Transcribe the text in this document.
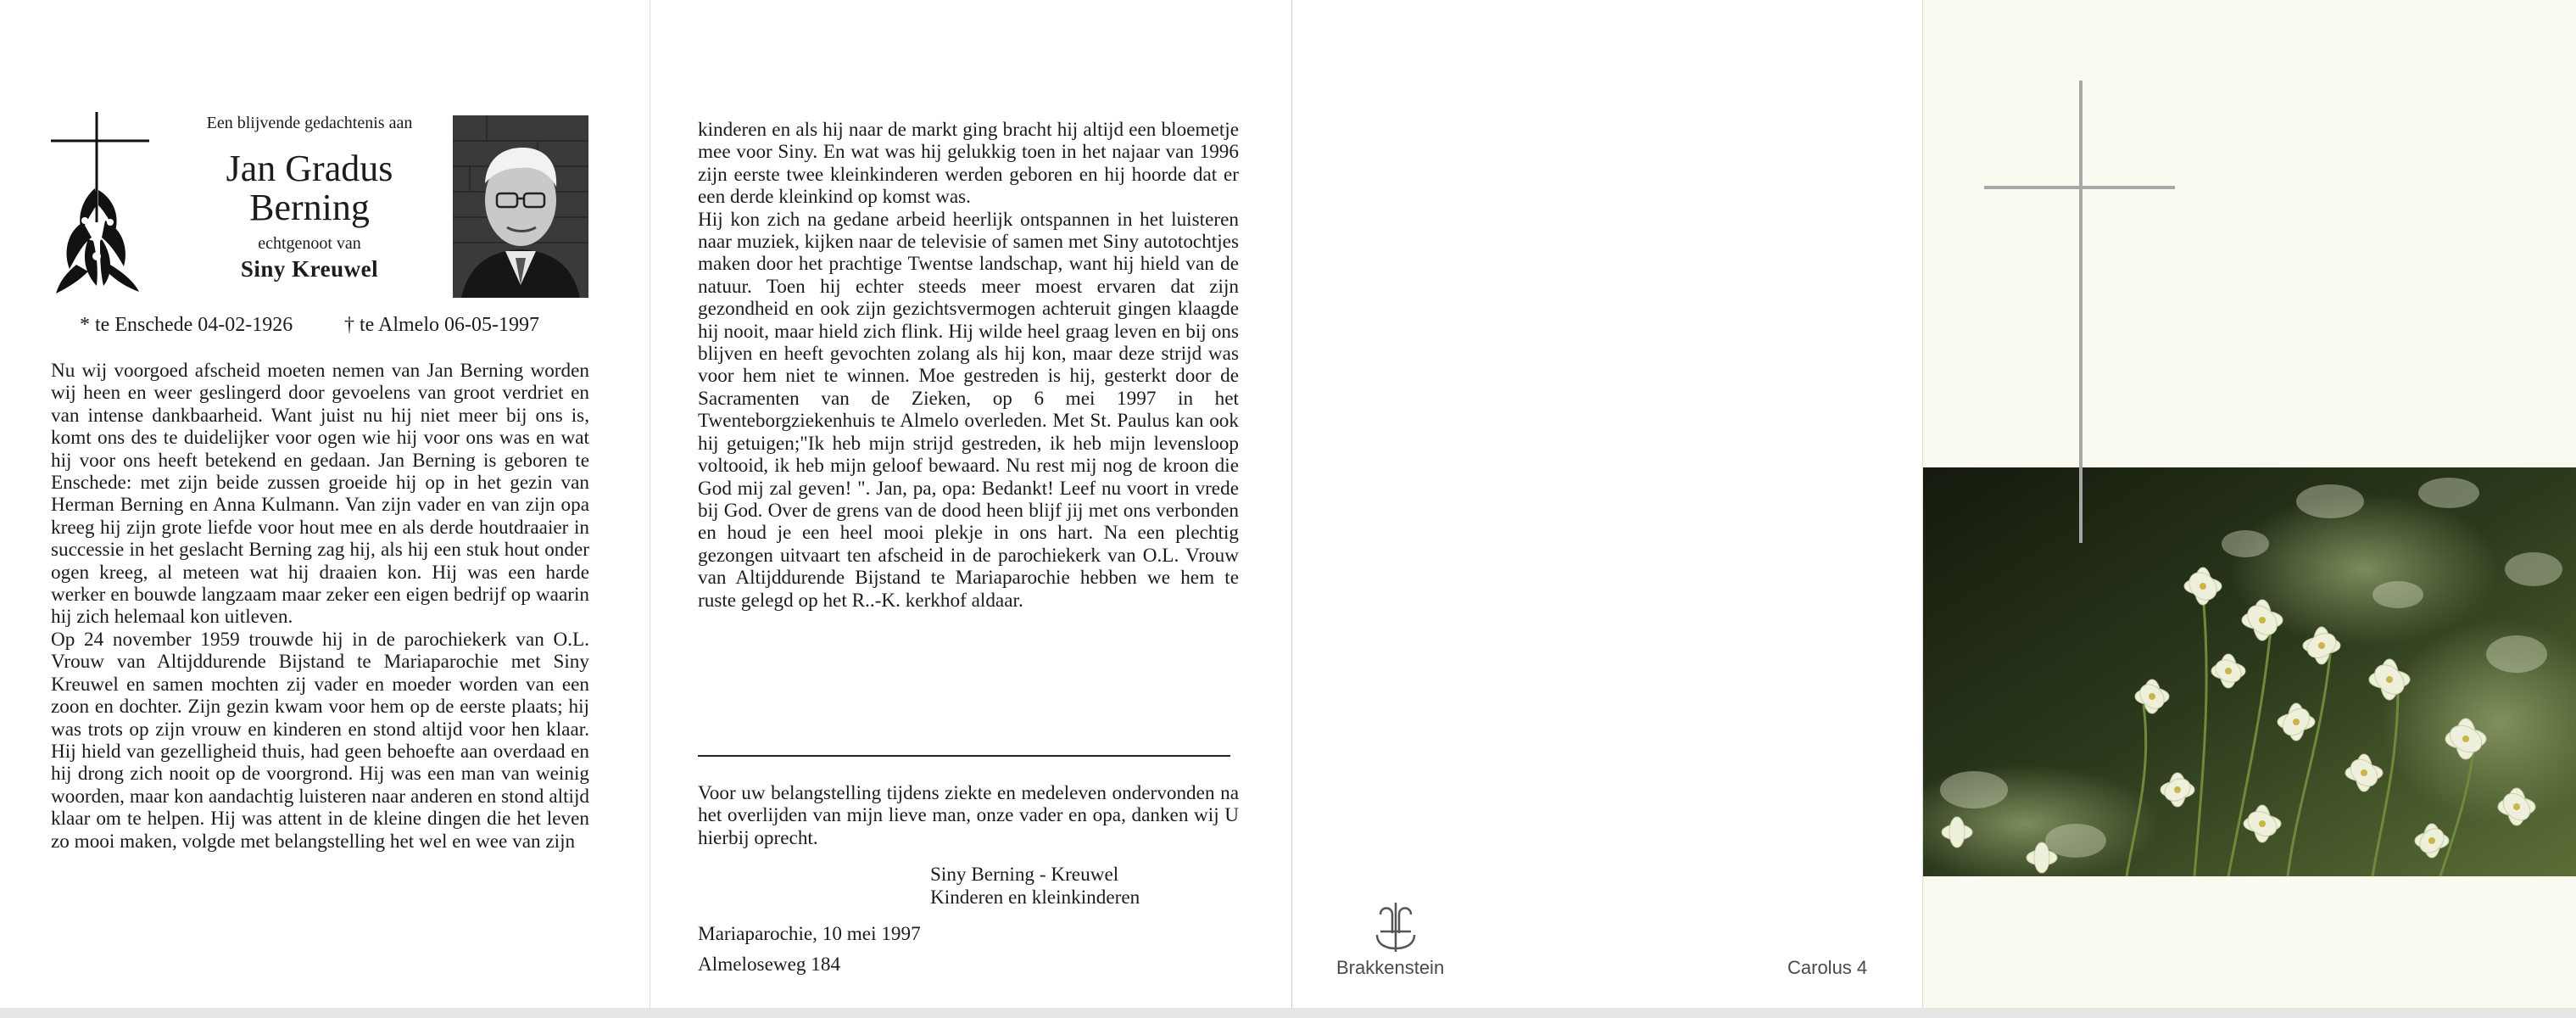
Een blijvende gedachtenis aan
Jan Gradus
Berning
echtgenoot van
Siny Kreuwel
* te Enschede 04-02-1926	† te Almelo 06-05-1997
Nu wij voorgoed afscheid moeten nemen van Jan Berning worden wij heen en weer geslingerd door gevoelens van groot verdriet en van intense dankbaarheid. Want juist nu hij niet meer bij ons is, komt ons des te duidelijker voor ogen wie hij voor ons was en wat hij voor ons heeft betekend en gedaan. Jan Berning is geboren te Enschede: met zijn beide zussen groeide hij op in het gezin van Herman Berning en Anna Kulmann. Van zijn vader en van zijn opa kreeg hij zijn grote liefde voor hout mee en als derde houtdraaier in successie in het geslacht Berning zag hij, als hij een stuk hout onder ogen kreeg, al meteen wat hij draaien kon. Hij was een harde werker en bouwde langzaam maar zeker een eigen bedrijf op waarin hij zich helemaal kon uitleven.
Op 24 november 1959 trouwde hij in de parochiekerk van O.L. Vrouw van Altijddurende Bijstand te Mariaparochie met Siny Kreuwel en samen mochten zij vader en moeder worden van een zoon en dochter. Zijn gezin kwam voor hem op de eerste plaats; hij was trots op zijn vrouw en kinderen en stond altijd voor hen klaar. Hij hield van gezelligheid thuis, had geen behoefte aan overdaad en hij drong zich nooit op de voorgrond. Hij was een man van weinig woorden, maar kon aandachtig luisteren naar anderen en stond altijd klaar om te helpen. Hij was attent in de kleine dingen die het leven zo mooi maken, volgde met belangstelling het wel en wee van zijn
kinderen en als hij naar de markt ging bracht hij altijd een bloemetje mee voor Siny. En wat was hij gelukkig toen in het najaar van 1996 zijn eerste twee kleinkinderen werden geboren en hij hoorde dat er een derde kleinkind op komst was.
Hij kon zich na gedane arbeid heerlijk ontspannen in het luisteren naar muziek, kijken naar de televisie of samen met Siny autotochtjes maken door het prachtige Twentse landschap, want hij hield van de natuur. Toen hij echter steeds meer moest ervaren dat zijn gezondheid en ook zijn gezichtsvermogen achteruit gingen klaagde hij nooit, maar hield zich flink. Hij wilde heel graag leven en bij ons blijven en heeft gevochten zolang als hij kon, maar deze strijd was voor hem niet te winnen. Moe gestreden is hij, gesterkt door de Sacramenten van de Zieken, op 6 mei 1997 in het Twenteborgziekenhuis te Almelo overleden. Met St. Paulus kan ook hij getuigen;"Ik heb mijn strijd gestreden, ik heb mijn levensloop voltooid, ik heb mijn geloof bewaard. Nu rest mij nog de kroon die God mij zal geven! ". Jan, pa, opa: Bedankt! Leef nu voort in vrede bij God. Over de grens van de dood heen blijf jij met ons verbonden en houd je een heel mooi plekje in ons hart. Na een plechtig gezongen uitvaart ten afscheid in de parochiekerk van O.L. Vrouw van Altijddurende Bijstand te Mariaparochie hebben we hem te ruste gelegd op het R..-K. kerkhof aldaar.
Voor uw belangstelling tijdens ziekte en medeleven ondervonden na het overlijden van mijn lieve man, onze vader en opa, danken wij U hierbij oprecht.
Siny Berning - Kreuwel
Kinderen en kleinkinderen
Mariaparochie, 10 mei 1997
Almeloseweg 184	Brakkenstein	Carolus 4
